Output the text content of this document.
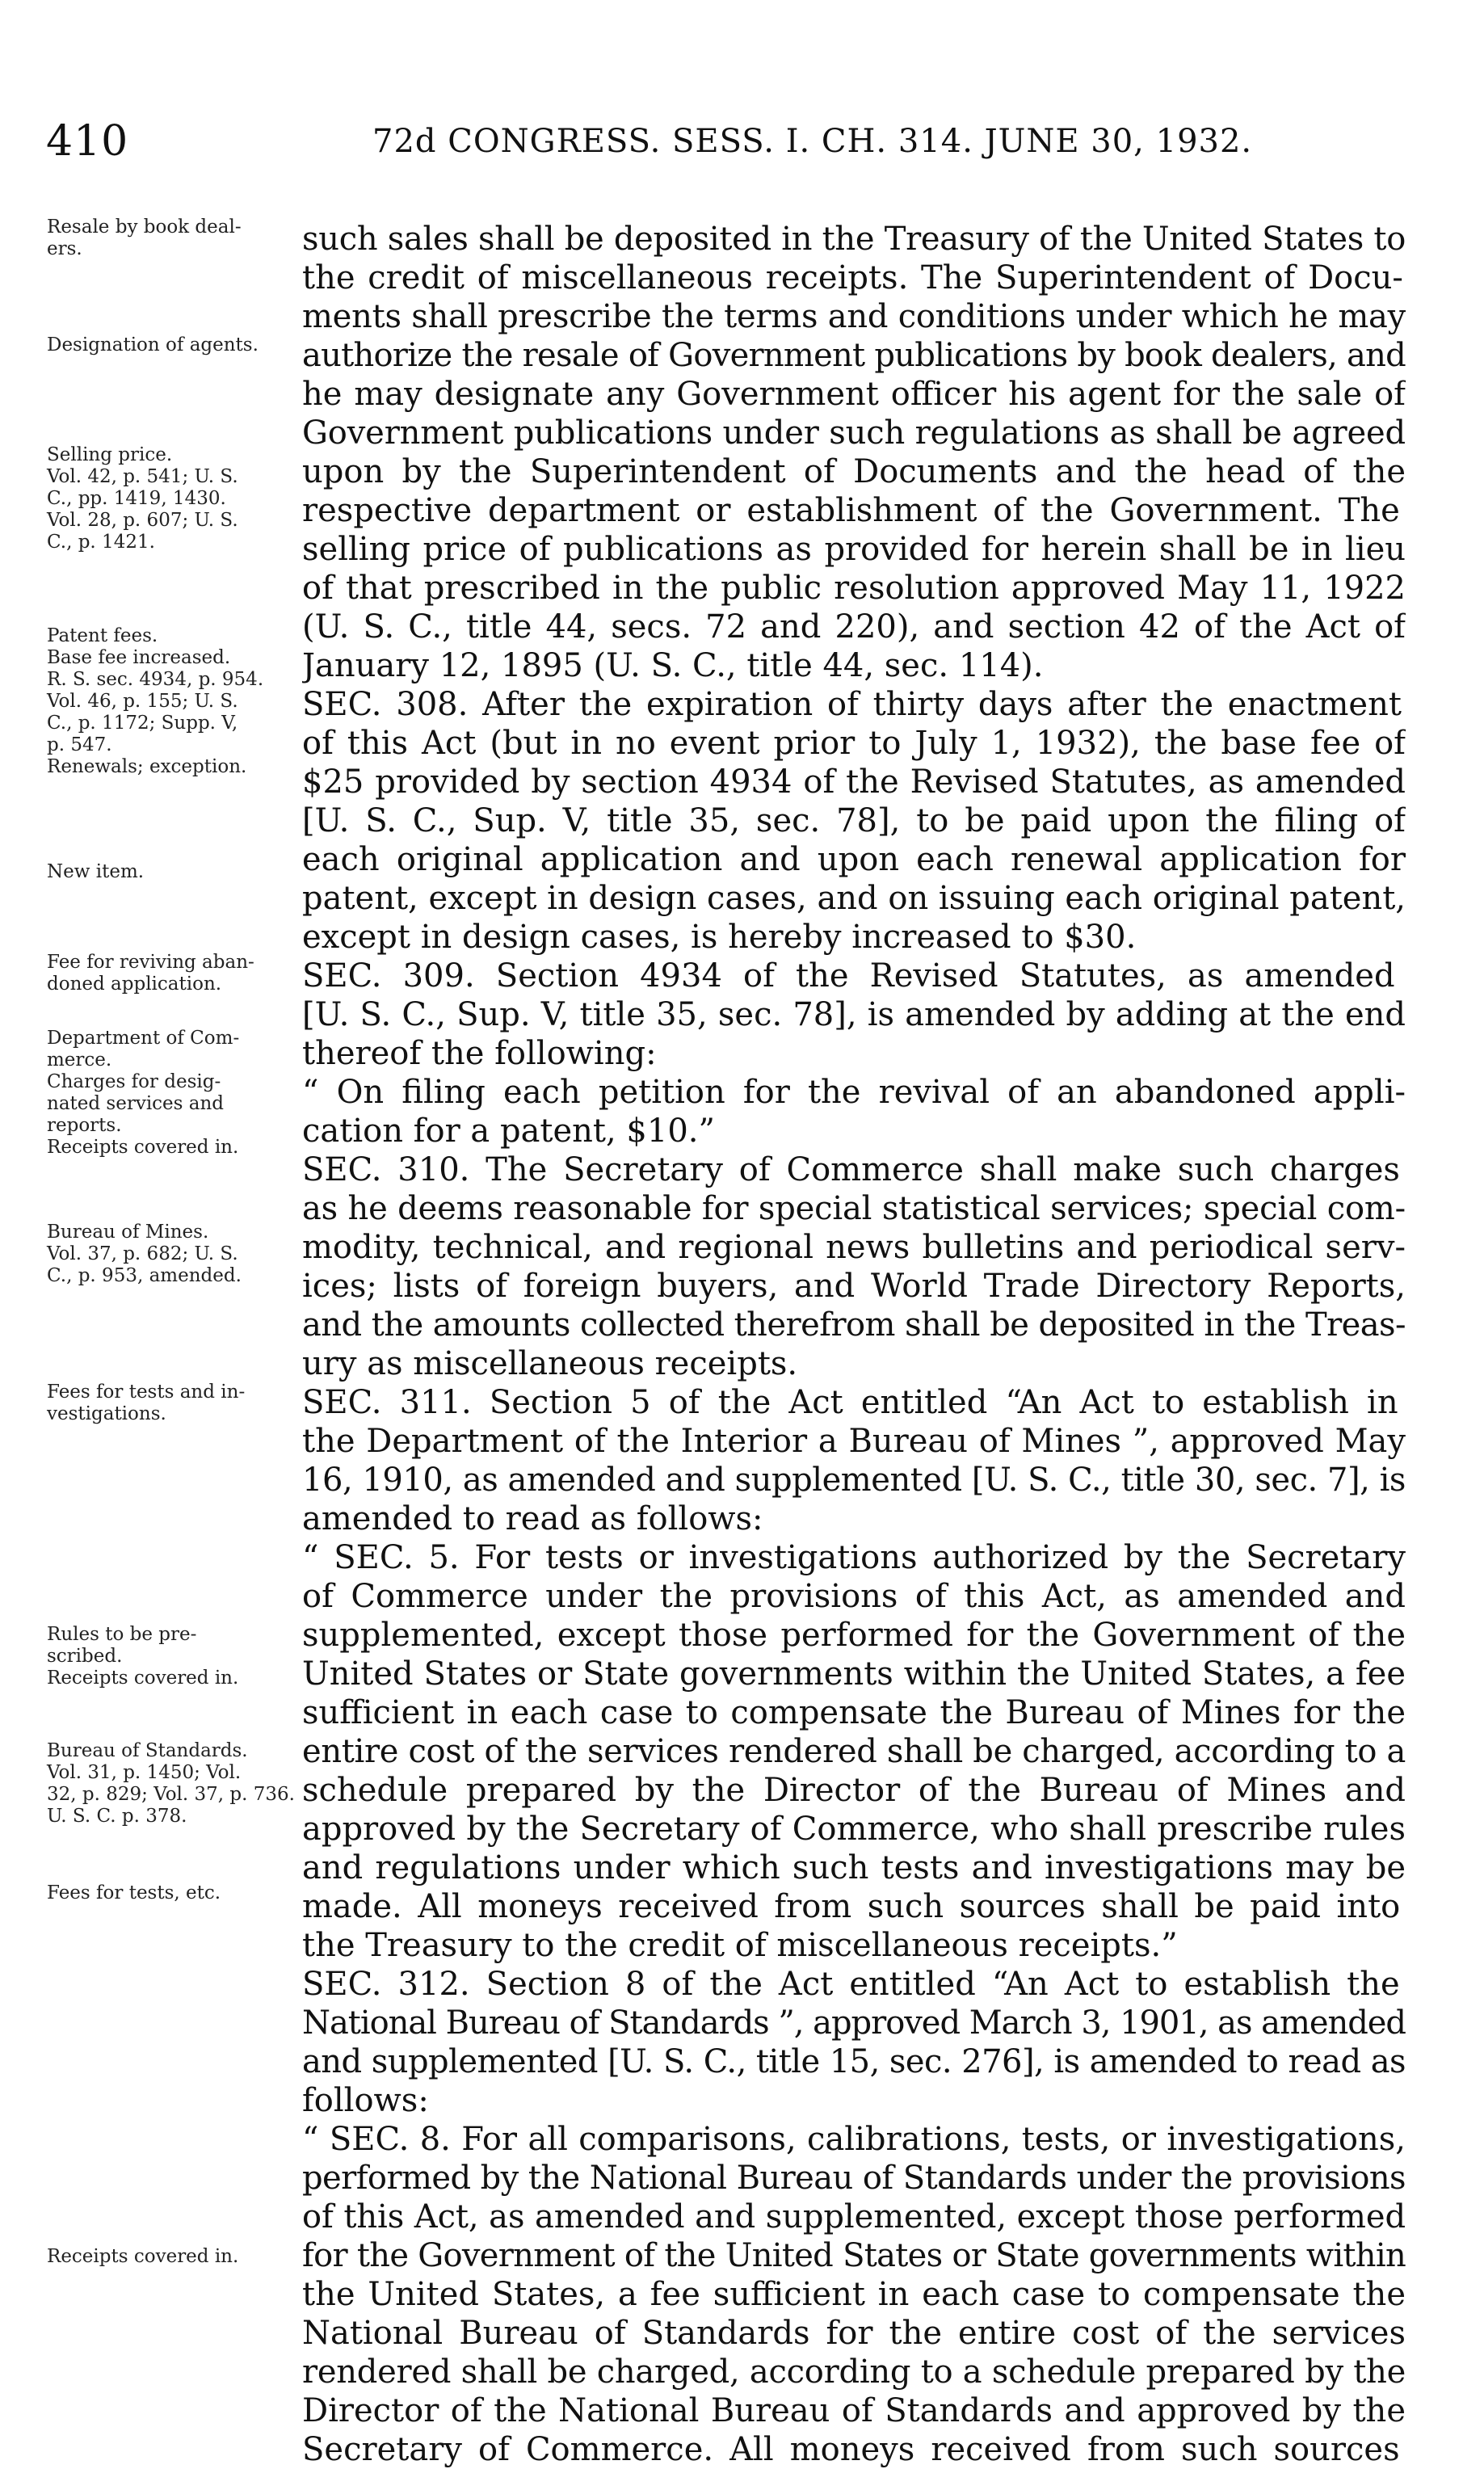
410	72d CONGRESS. SESS. I. CH. 314. JUNE 30, 1932.
Resale by book deal-
ers.
Designation of agents.
Selling price.
Vol. 42, p. 541; U. S.
C., pp. 1419, 1430.
Vol. 28, p. 607; U. S.
C., p. 1421.
Patent fees.
Base fee increased.
R. S. sec. 4934, p. 954.
Vol. 46, p. 155; U. S.
C., p. 1172; Supp. V,
p. 547.
Renewals; exception.
New item.
Fee for reviving aban-
doned application.
Department of Com-
merce.
Charges for desig-
nated services and
reports.
Receipts covered in.
Bureau of Mines.
Vol. 37, p. 682; U. S.
C., p. 953, amended.
Fees for tests and in-
vestigations.
Rules to be pre-
scribed.
Receipts covered in.
Bureau of Standards.
Vol. 31, p. 1450; Vol.
32, p. 829; Vol. 37, p. 736.
U. S. C. p. 378.
Fees for tests, etc.
Receipts covered in.
such sales shall be deposited in the Treasury of the United States to
the credit of miscellaneous receipts. The Superintendent of Docu-
ments shall prescribe the terms and conditions under which he may
authorize the resale of Government publications by book dealers, and
he may designate any Government officer his agent for the sale of
Government publications under such regulations as shall be agreed
upon by the Superintendent of Documents and the head of the
respective department or establishment of the Government. The
selling price of publications as provided for herein shall be in lieu
of that prescribed in the public resolution approved May 11, 1922
(U. S. C., title 44, secs. 72 and 220), and section 42 of the Act of
January 12, 1895 (U. S. C., title 44, sec. 114).
SEC. 308. After the expiration of thirty days after the enactment
of this Act (but in no event prior to July 1, 1932), the base fee of
$25 provided by section 4934 of the Revised Statutes, as amended
[U. S. C., Sup. V, title 35, sec. 78], to be paid upon the filing of
each original application and upon each renewal application for
patent, except in design cases, and on issuing each original patent,
except in design cases, is hereby increased to $30.
SEC. 309. Section 4934 of the Revised Statutes, as amended
[U. S. C., Sup. V, title 35, sec. 78], is amended by adding at the end
thereof the following:
“ On filing each petition for the revival of an abandoned appli-
cation for a patent, $10.”
SEC. 310. The Secretary of Commerce shall make such charges
as he deems reasonable for special statistical services; special com-
modity, technical, and regional news bulletins and periodical serv-
ices; lists of foreign buyers, and World Trade Directory Reports,
and the amounts collected therefrom shall be deposited in the Treas-
ury as miscellaneous receipts.
SEC. 311. Section 5 of the Act entitled “An Act to establish in
the Department of the Interior a Bureau of Mines ”, approved May
16, 1910, as amended and supplemented [U. S. C., title 30, sec. 7], is
amended to read as follows:
“ SEC. 5. For tests or investigations authorized by the Secretary
of Commerce under the provisions of this Act, as amended and
supplemented, except those performed for the Government of the
United States or State governments within the United States, a fee
sufficient in each case to compensate the Bureau of Mines for the
entire cost of the services rendered shall be charged, according to a
schedule prepared by the Director of the Bureau of Mines and
approved by the Secretary of Commerce, who shall prescribe rules
and regulations under which such tests and investigations may be
made. All moneys received from such sources shall be paid into
the Treasury to the credit of miscellaneous receipts.”
SEC. 312. Section 8 of the Act entitled “An Act to establish the
National Bureau of Standards ”, approved March 3, 1901, as amended
and supplemented [U. S. C., title 15, sec. 276], is amended to read as
follows:
“ SEC. 8. For all comparisons, calibrations, tests, or investigations,
performed by the National Bureau of Standards under the provisions
of this Act, as amended and supplemented, except those performed
for the Government of the United States or State governments within
the United States, a fee sufficient in each case to compensate the
National Bureau of Standards for the entire cost of the services
rendered shall be charged, according to a schedule prepared by the
Director of the National Bureau of Standards and approved by the
Secretary of Commerce. All moneys received from such sources
